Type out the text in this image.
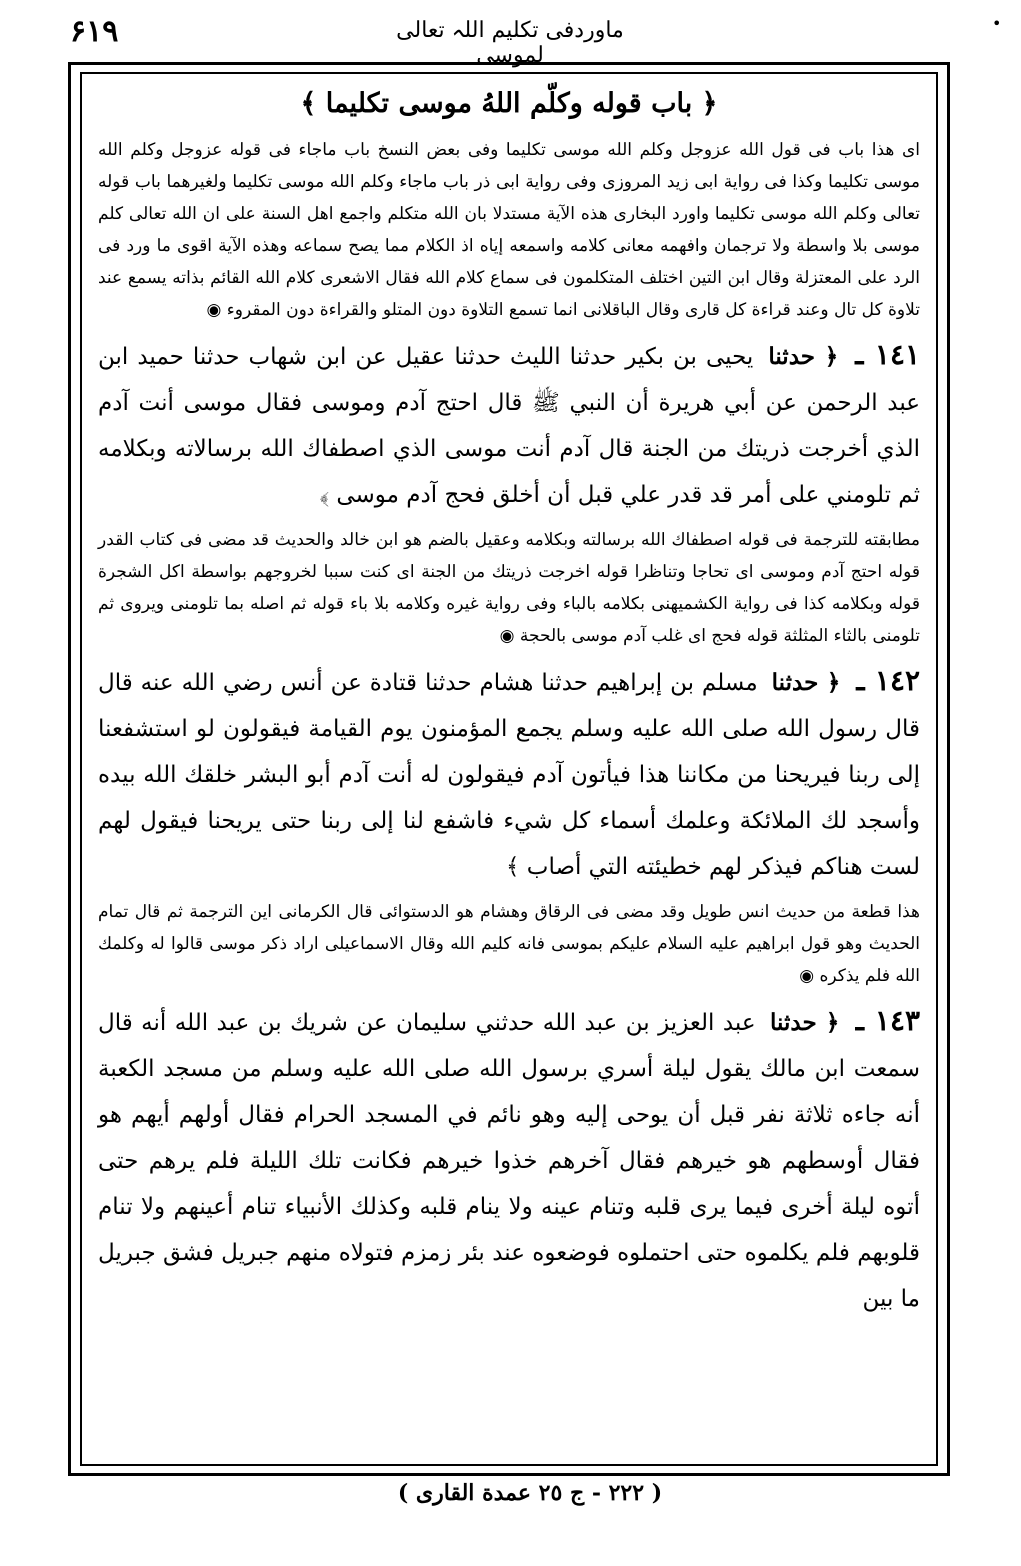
•
۶۱۹	ماوردفی تکلیم اللہ تعالی لموسی
﴿ باب قوله وكلّم اللهُ موسى تكليما ﴾

ای هذا باب فی قول الله عزوجل وكلم الله موسى تكليما وفی بعض النسخ باب ماجاء فی قوله عزوجل وكلم الله موسى تكليما وكذا فی رواية ابی زيد المروزی وفی رواية ابی ذر باب ماجاء وكلم الله موسى تكليما ولغيرهما باب قوله تعالى وكلم الله موسى تكليما واورد البخاری هذه الآية مستدلا بان الله متكلم واجمع اهل السنة على ان الله تعالى كلم موسى بلا واسطة ولا ترجمان وافهمه معانی كلامه واسمعه إياه اذ الكلام مما يصح سماعه وهذه الآية اقوى ما ورد فی الرد على المعتزلة وقال ابن التين اختلف المتكلمون فی سماع كلام الله فقال الاشعری كلام الله القائم بذاته يسمع عند تلاوة كل تال وعند قراءة كل قاری وقال الباقلانی انما تسمع التلاوة دون المتلو والقراءة دون المقروء ◉

١٤١ ـ ﴿ حدثنا يحيى بن بكير حدثنا الليث حدثنا عقيل عن ابن شهاب حدثنا حميد ابن عبد الرحمن عن أبي هريرة أن النبي ﷺ قال احتج آدم وموسى فقال موسى أنت آدم الذي أخرجت ذريتك من الجنة قال آدم أنت موسى الذي اصطفاك الله برسالاته وبكلامه ثم تلومني على أمر قد قدر علي قبل أن أخلق فحج آدم موسى ﴾

مطابقته للترجمة فی قوله اصطفاك الله برسالته وبكلامه وعقيل بالضم هو ابن خالد والحديث قد مضى فی كتاب القدر قوله احتج آدم وموسى ای تحاجا وتناظرا قوله اخرجت ذريتك من الجنة ای كنت سببا لخروجهم بواسطة اكل الشجرة قوله وبكلامه كذا فی رواية الكشميهنی بكلامه بالباء وفی رواية غيره وكلامه بلا باء قوله ثم اصله بما تلومنی ويروى ثم تلومنی بالثاء المثلثة قوله فحج ای غلب آدم موسى بالحجة ◉

١٤٢ ـ ﴿ حدثنا مسلم بن إبراهيم حدثنا هشام حدثنا قتادة عن أنس رضي الله عنه قال قال رسول الله صلى الله عليه وسلم يجمع المؤمنون يوم القيامة فيقولون لو استشفعنا إلى ربنا فيريحنا من مكاننا هذا فيأتون آدم فيقولون له أنت آدم أبو البشر خلقك الله بيده وأسجد لك الملائكة وعلمك أسماء كل شيء فاشفع لنا إلى ربنا حتى يريحنا فيقول لهم لست هناكم فيذكر لهم خطيئته التي أصاب ﴾

هذا قطعة من حديث انس طويل وقد مضى فی الرقاق وهشام هو الدستوائی قال الكرمانی اين الترجمة ثم قال تمام الحديث وهو قول ابراهيم عليه السلام عليكم بموسى فانه كليم الله وقال الاسماعيلی اراد ذكر موسى قالوا له وكلمك الله فلم يذكره ◉

١٤٣ ـ ﴿ حدثنا عبد العزيز بن عبد الله حدثني سليمان عن شريك بن عبد الله أنه قال سمعت ابن مالك يقول ليلة أسري برسول الله صلى الله عليه وسلم من مسجد الكعبة أنه جاءه ثلاثة نفر قبل أن يوحى إليه وهو نائم في المسجد الحرام فقال أولهم أيهم هو فقال أوسطهم هو خيرهم فقال آخرهم خذوا خيرهم فكانت تلك الليلة فلم يرهم حتى أتوه ليلة أخرى فيما يرى قلبه وتنام عينه ولا ينام قلبه وكذلك الأنبياء تنام أعينهم ولا تنام قلوبهم فلم يكلموه حتى احتملوه فوضعوه عند بئر زمزم فتولاه منهم جبريل فشق جبريل ما بين

( ٢٢٢ - ج ٢٥ عمدة القاری )
